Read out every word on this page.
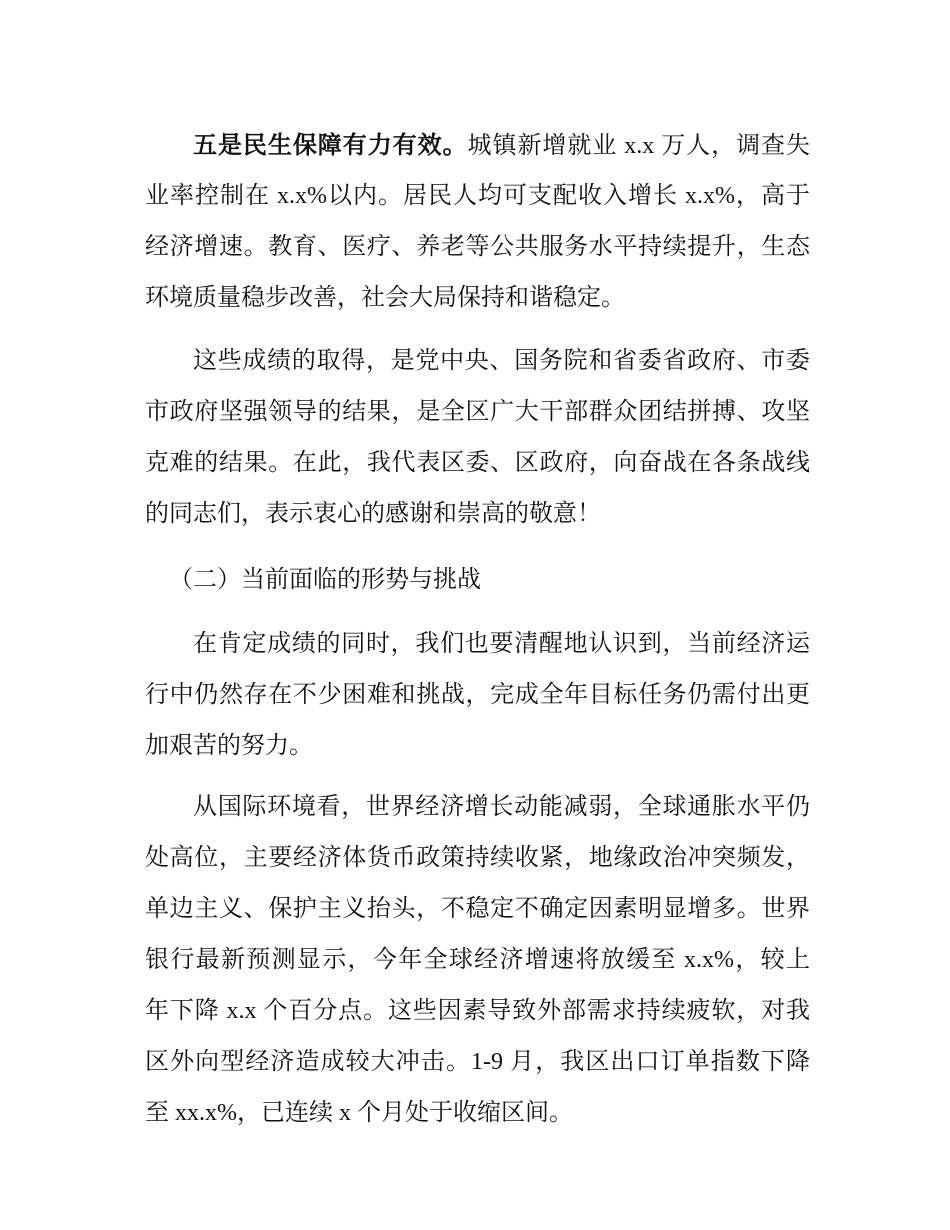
五是民生保障有力有效。城镇新增就业 x.x 万人，调查失
业率控制在 x.x%以内。居民人均可支配收入增长 x.x%，高于
经济增速。教育、医疗、养老等公共服务水平持续提升，生态
环境质量稳步改善，社会大局保持和谐稳定。
这些成绩的取得，是党中央、国务院和省委省政府、市委
市政府坚强领导的结果，是全区广大干部群众团结拼搏、攻坚
克难的结果。在此，我代表区委、区政府，向奋战在各条战线
的同志们，表示衷心的感谢和崇高的敬意！
（二）当前面临的形势与挑战
在肯定成绩的同时，我们也要清醒地认识到，当前经济运
行中仍然存在不少困难和挑战，完成全年目标任务仍需付出更
加艰苦的努力。
从国际环境看，世界经济增长动能减弱，全球通胀水平仍
处高位，主要经济体货币政策持续收紧，地缘政治冲突频发，
单边主义、保护主义抬头，不稳定不确定因素明显增多。世界
银行最新预测显示，今年全球经济增速将放缓至 x.x%，较上
年下降 x.x 个百分点。这些因素导致外部需求持续疲软，对我
区外向型经济造成较大冲击。1-9 月，我区出口订单指数下降
至 xx.x%，已连续 x 个月处于收缩区间。
